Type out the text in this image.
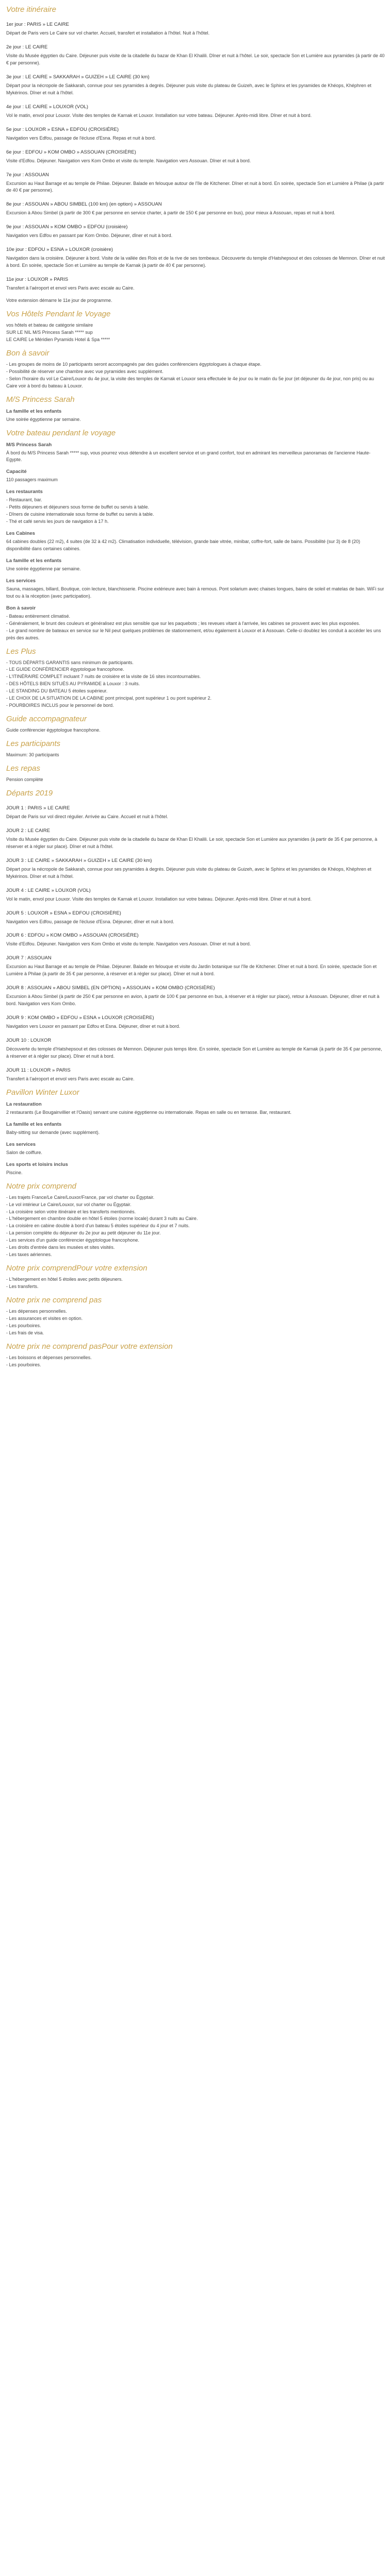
Votre itinéraire
1er jour : PARIS » LE CAIRE

Départ de Paris vers Le Caire sur vol charter. Accueil, transfert et installation à l'hôtel. Nuit à l'hôtel.

2e jour : LE CAIRE

Visite du Musée égyptien du Caire. Déjeuner puis visite de la citadelle du bazar de Khan El Khalili. Dîner et nuit à l'hôtel. Le soir, spectacle Son et Lumière aux pyramides (à partir de 40 € par personne).

3e jour : LE CAIRE » SAKKARAH » GUIZEH » LE CAIRE (30 km)

Départ pour la nécropole de Sakkarah, connue pour ses pyramides à degrés. Déjeuner puis visite du plateau de Guizeh, avec le Sphinx et les pyramides de Khéops, Khéphren et Mykérinos. Dîner et nuit à l'hôtel.

4e jour : LE CAIRE » LOUXOR (VOL)

Vol le matin, envol pour Louxor. Visite des temples de Karnak et Louxor. Installation sur votre bateau. Déjeuner. Après-midi libre. Dîner et nuit à bord.

5e jour : LOUXOR » ESNA » EDFOU (CROISIÈRE)

Navigation vers Edfou, passage de l'écluse d'Esna. Repas et nuit à bord.

6e jour : EDFOU » KOM OMBO » ASSOUAN (CROISIÈRE)

Visite d'Edfou. Déjeuner. Navigation vers Kom Ombo et visite du temple. Navigation vers Assouan. Dîner et nuit à bord.

7e jour : ASSOUAN

Excursion au Haut Barrage et au temple de Philae. Déjeuner. Balade en felouque autour de l'île de Kitchener. Dîner et nuit à bord. En soirée, spectacle Son et Lumière à Philae (à partir de 40 € par personne).

8e jour : ASSOUAN » ABOU SIMBEL (100 km) (en option) » ASSOUAN

Excursion à Abou Simbel (à partir de 300 € par personne en service charter, à partir de 150 € par personne en bus), pour mieux à Assouan, repas et nuit à bord.

9e jour : ASSOUAN » KOM OMBO » EDFOU (croisière)

Navigation vers Edfou en passant par Kom Ombo. Déjeuner, dîner et nuit à bord.

10e jour : EDFOU » ESNA » LOUXOR (croisière)

Navigation dans la croisière. Déjeuner à bord. Visite de la vallée des Rois et de la rive de ses tombeaux. Découverte du temple d'Hatshepsout et des colosses de Memnon. Dîner et nuit à bord. En soirée, spectacle Son et Lumière au temple de Karnak (à partir de 40 € par personne).

11e jour : LOUXOR » PARIS

Transfert à l'aéroport et envol vers Paris avec escale au Caire.

Votre extension démarre le 11e jour de programme.

Vos Hôtels Pendant le Voyage

vos hôtels et bateau de catégorie similaire
SUR LE NIL M/S Princess Sarah ***** sup
LE CAIRE Le Méridien Pyramids Hotel & Spa *****

Bon à savoir

- Les groupes de moins de 10 participants seront accompagnés par des guides conférenciers égyptologues à chaque étape.
- Possibilité de réserver une chambre avec vue pyramides avec supplément.
- Selon l'horaire du vol Le Caire/Louxor du 4e jour, la visite des temples de Karnak et Louxor sera effectuée le 4e jour ou le matin du 5e jour (et déjeuner du 4e jour, non pris) ou au Caire voir à bord du bateau à Louxor.

M/S Princess Sarah
La famille et les enfants

Une soirée égyptienne par semaine.

Votre bateau pendant le voyage
M/S Princess Sarah

À bord du M/S Princess Sarah ***** sup, vous pourrez vous détendre à un excellent service et un grand confort, tout en admirant les merveilleux panoramas de l'ancienne Haute-Egypte.

Capacité

110 passagers maximum

Les restaurants

- Restaurant, bar.
- Petits déjeuners et déjeuners sous forme de buffet ou servis à table.
- Dîners de cuisine internationale sous forme de buffet ou servis à table.
- Thé et café servis les jours de navigation à 17 h.

Les Cabines

64 cabines doubles (22 m2), 4 suites (de 32 à 42 m2). Climatisation individuelle, télévision, grande baie vitrée, minibar, coffre-fort, salle de bains. Possibilité (sur 3) de 8 (20) disponibilité dans certaines cabines.

La famille et les enfants

Une soirée égyptienne par semaine.

Les services

Sauna, massages, billard, Boutique, coin lecture, blanchisserie. Piscine extérieure avec bain à remous. Pont solarium avec chaises longues, bains de soleil et matelas de bain. WiFi sur tout ou à la réception (avec participation).

Bon à savoir

- Bateau entièrement climatisé.
- Généralement, le brunt des couleurs et généralisez est plus sensible que sur les paquebots ; les reveues vitant à l'arrivée, les cabines se prouvent avec les plus exposées.
- Le grand nombre de bateaux en service sur le Nil peut quelques problèmes de stationnement, et/ou également à Louxor et à Assouan. Celle-ci doublez les conduit à accéder les uns près des autres.

Les Plus

- TOUS DÉPARTS GARANTIS sans minimum de participants.
- LE GUIDE CONFÉRENCIER égyptologue francophone.
- L'ITINÉRAIRE COMPLET incluant 7 nuits de croisière et la visite de 16 sites incontournables.
- DES HÔTELS BIEN SITUÉS AU PYRAMIDE à Louxor : 3 nuits.
- LE STANDING DU BATEAU 5 étoiles supérieur.
- LE CHOIX DE LA SITUATION DE LA CABINE pont principal, pont supérieur 1 ou pont supérieur 2.
- POURBOIRES INCLUS pour le personnel de bord.

Guide accompagnateur

Guide conférencier égyptologue francophone.

Les participants

Maximum: 30 participants

Les repas

Pension complète

Départs 2019
JOUR 1 : PARIS » LE CAIRE

Départ de Paris sur vol direct régulier. Arrivée au Caire. Accueil et nuit à l'hôtel.

JOUR 2 : LE CAIRE

Visite du Musée égyptien du Caire. Déjeuner puis visite de la citadelle du bazar de Khan El Khalili. Le soir, spectacle Son et Lumière aux pyramides (à partir de 35 € par personne, à réserver et à régler sur place). Dîner et nuit à l'hôtel.

JOUR 3 : LE CAIRE » SAKKARAH » GUIZEH » LE CAIRE (30 km)

Départ pour la nécropole de Sakkarah, connue pour ses pyramides à degrés. Déjeuner puis visite du plateau de Guizeh, avec le Sphinx et les pyramides de Khéops, Khéphren et Mykérinos. Dîner et nuit à l'hôtel.

JOUR 4 : LE CAIRE » LOUXOR (VOL)

Vol le matin, envol pour Louxor. Visite des temples de Karnak et Louxor. Installation sur votre bateau. Déjeuner. Après-midi libre. Dîner et nuit à bord.

JOUR 5 : LOUXOR » ESNA » EDFOU (CROISIÈRE)

Navigation vers Edfou, passage de l'écluse d'Esna. Déjeuner, dîner et nuit à bord.

JOUR 6 : EDFOU » KOM OMBO » ASSOUAN (CROISIÈRE)

Visite d'Edfou. Déjeuner. Navigation vers Kom Ombo et visite du temple. Navigation vers Assouan. Dîner et nuit à bord.

JOUR 7 : ASSOUAN

Excursion au Haut Barrage et au temple de Philae. Déjeuner. Balade en felouque et visite du Jardin botanique sur l'île de Kitchener. Dîner et nuit à bord. En soirée, spectacle Son et Lumière à Philae (à partir de 35 € par personne, à réserver et à régler sur place). Dîner et nuit à bord.

JOUR 8 : ASSOUAN » ABOU SIMBEL (EN OPTION) » ASSOUAN » KOM OMBO (CROISIÈRE)

Excursion à Abou Simbel (à partir de 250 € par personne en avion, à partir de 100 € par personne en bus, à réserver et à régler sur place), retour à Assouan. Déjeuner, dîner et nuit à bord. Navigation vers Kom Ombo.

JOUR 9 : KOM OMBO » EDFOU » ESNA » LOUXOR (CROISIÈRE)

Navigation vers Louxor en passant par Edfou et Esna. Déjeuner, dîner et nuit à bord.

JOUR 10 : LOUXOR

Découverte du temple d'Hatshepsout et des colosses de Memnon. Déjeuner puis temps libre. En soirée, spectacle Son et Lumière au temple de Karnak (à partir de 35 € par personne, à réserver et à régler sur place). Dîner et nuit à bord.

JOUR 11 : LOUXOR » PARIS

Transfert à l'aéroport et envol vers Paris avec escale au Caire.

Pavillon Winter Luxor
La restauration

2 restaurants (Le Bougainvillier et l'Oasis) servant une cuisine égyptienne ou internationale. Repas en salle ou en terrasse. Bar, restaurant.

La famille et les enfants

Baby-sitting sur demande (avec supplément).

Les services

Salon de coiffure.

Les sports et loisirs inclus

Piscine.

Notre prix comprend

- Les trajets France/Le Caire/Louxor/France, par vol charter ou Égyptair.
- Le vol intérieur Le Caire/Louxor, sur vol charter ou Égyptair.
- La croisière selon votre itinéraire et les transferts mentionnés.
- L'hébergement en chambre double en hôtel 5 étoiles (norme locale) durant 3 nuits au Caire.
- La croisière en cabine double à bord d'un bateau 5 étoiles supérieur du 4 jour et 7 nuits.
- La pension complète du déjeuner du 2e jour au petit déjeuner du 11e jour.
- Les services d'un guide conférencier égyptologue francophone.
- Les droits d'entrée dans les musées et sites visités.
- Les taxes aériennes.

Notre prix comprendPour votre extension

- L'hébergement en hôtel 5 étoiles avec petits déjeuners.
- Les transferts.

Notre prix ne comprend pas

- Les dépenses personnelles.
- Les assurances et visites en option.
- Les pourboires.
- Les frais de visa.

Notre prix ne comprend pasPour votre extension

- Les boissons et dépenses personnelles.
- Les pourboires.
